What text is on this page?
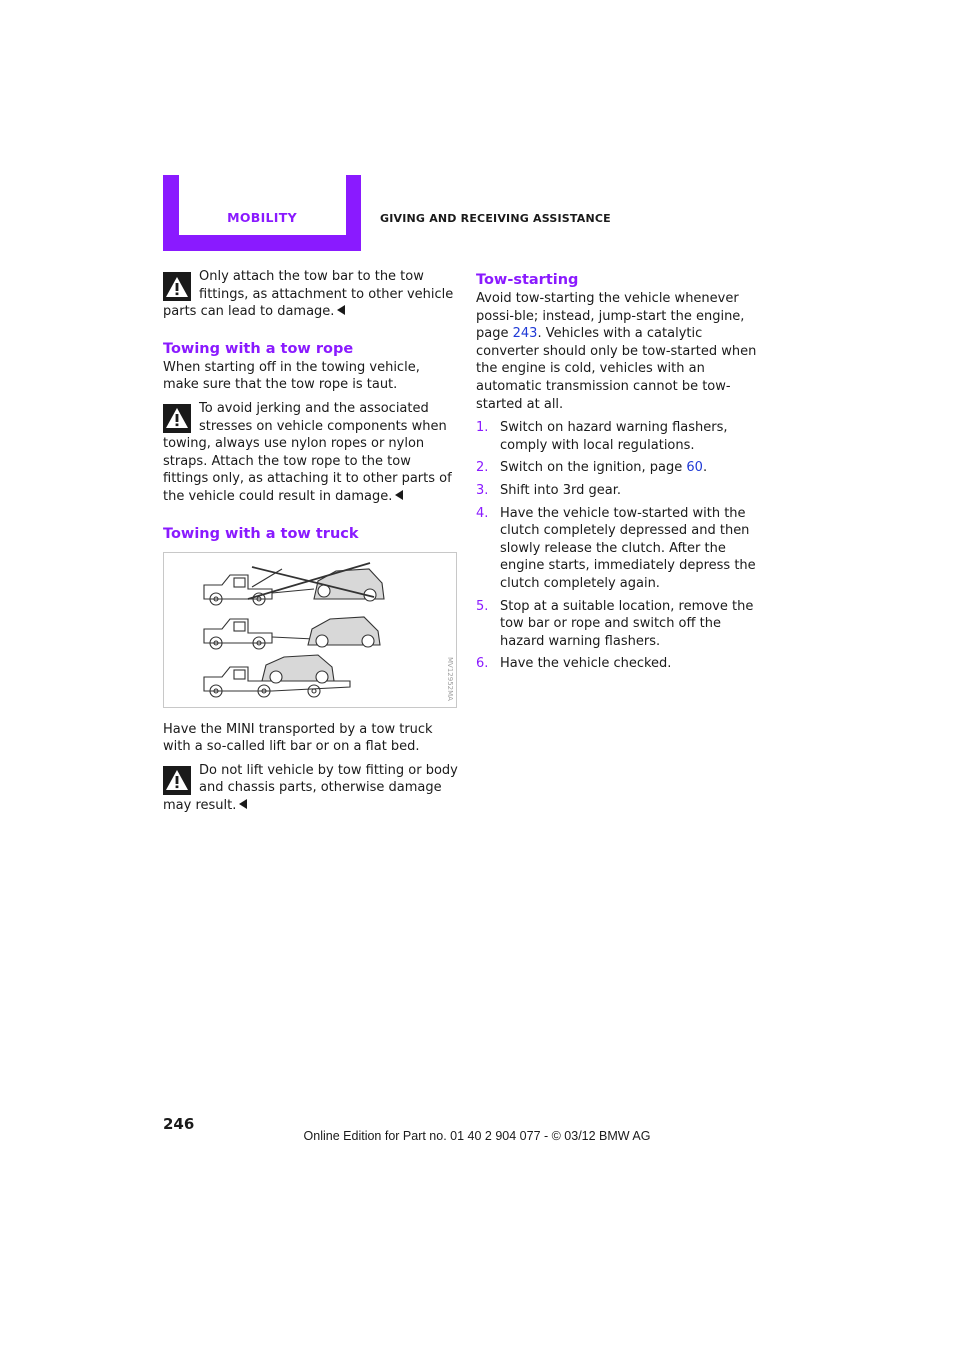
MOBILITY	GIVING AND RECEIVING ASSISTANCE

Only attach the tow bar to the tow fittings, as attachment to other vehicle parts can lead to damage.

Towing with a tow rope

When starting off in the towing vehicle, make sure that the tow rope is taut.

To avoid jerking and the associated stresses on vehicle components when towing, always use nylon ropes or nylon straps. Attach the tow rope to the tow fittings only, as attaching it to other parts of the vehicle could result in damage.

Towing with a tow truck
MV12952MA

Have the MINI transported by a tow truck with a so-called lift bar or on a flat bed.

Do not lift vehicle by tow fitting or body and chassis parts, otherwise damage may result.

Tow-starting

Avoid tow-starting the vehicle whenever possi-ble; instead, jump-start the engine, page 243. Vehicles with a catalytic converter should only be tow-started when the engine is cold, vehicles with an automatic transmission cannot be tow-started at all.

1. Switch on hazard warning flashers, comply with local regulations.
2. Switch on the ignition, page 60.
3. Shift into 3rd gear.
4. Have the vehicle tow-started with the clutch completely depressed and then slowly release the clutch. After the engine starts, immediately depress the clutch completely again.
5. Stop at a suitable location, remove the tow bar or rope and switch off the hazard warning flashers.
6. Have the vehicle checked.
246
Online Edition for Part no. 01 40 2 904 077 - © 03/12 BMW AG
